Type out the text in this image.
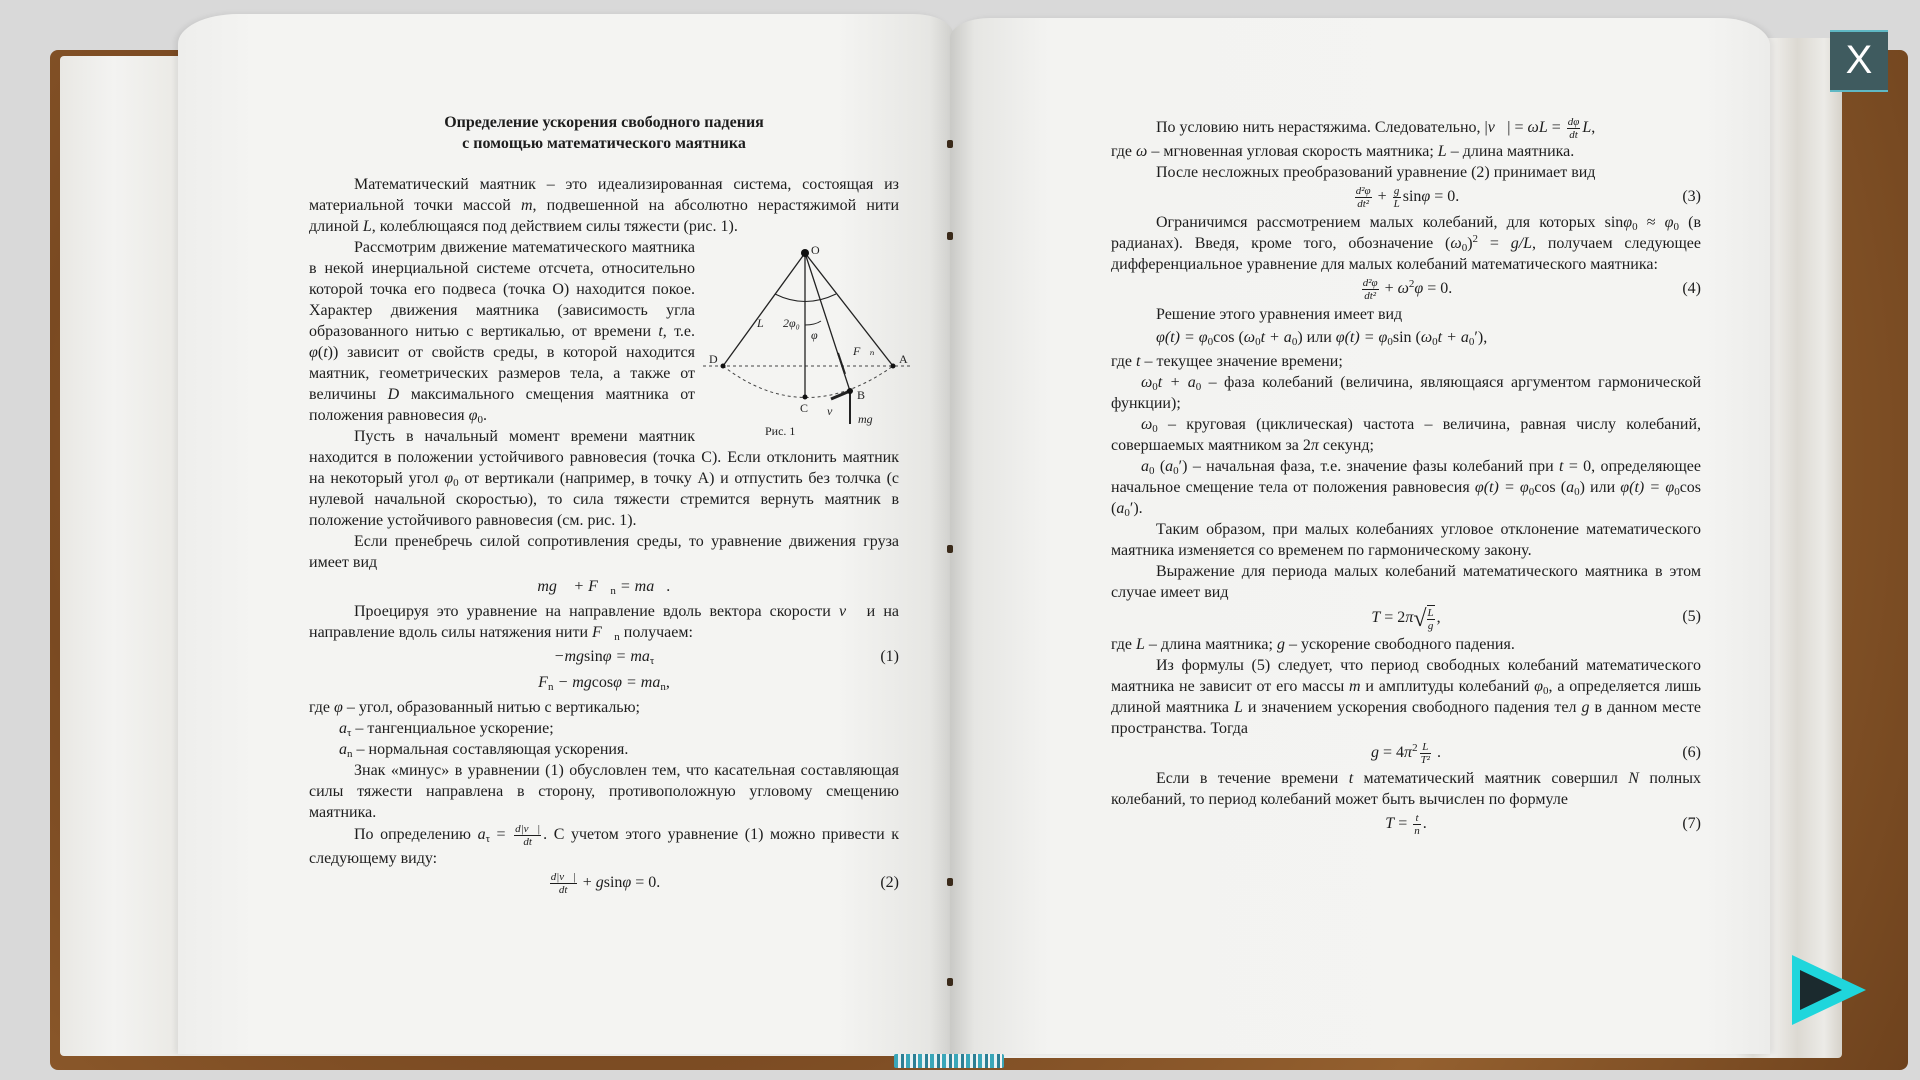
Определение ускорения свободного падения
с помощью математического маятника
Математический маятник – это идеализированная система, состоящая из материальной точки массой m, подвешенной на абсолютно нерастяжимой нити длиной L, колеблющаяся под действием силы тяжести (рис. 1).
O
L 2φ₀
φ
D	A
C
B
F⃗ₙ
v⃗
mg⃗
Рис. 1
Рассмотрим движение математического маятника в некой инерциальной системе отсчета, относительно которой точка его подвеса (точка О) находится покое. Характер движения маятника (зависимость угла образованного нитью с вертикалью, от времени t, т.е. φ(t)) зависит от свойств среды, в которой находится маятник, геометрических размеров тела, а также от величины D максимального смещения маятника от положения равновесия $\varphi_0$.
Пусть в начальный момент времени маятник находится в положении устойчивого равновесия (точка С). Если отклонить маятник на некоторый угол $\varphi_0$ от вертикали (например, в точку А) и отпустить без толчка (с нулевой начальной скоростью), то сила тяжести стремится вернуть маятник в положение устойчивого равновесия (см. рис. 1).
Если пренебречь силой сопротивления среды, то уравнение движения груза имеет вид
mg⃗ + $F⃗_n$ = ma⃗.
Проецируя это уравнение на направление вдоль вектора скорости v⃗ и на направление вдоль силы натяжения нити $F⃗_n$ получаем:
$-mgsin\varphi = ma_\tau$	(1)
$F_n - mgcos\varphi = ma_n$,
где φ – угол, образованный нитью с вертикалью;
$a_\tau$ – тангенциальное ускорение;
$a_n$ – нормальная составляющая ускорения.
Знак «минус» в уравнении (1) обусловлен тем, что касательная составляющая силы тяжести направлена в сторону, противоположную угловому смещению маятника.
По определению $a_\tau = \frac{d|v⃗|}{dt}$ . С учетом этого уравнение (1) можно привести к следующему виду:
$\frac{d|v⃗|}{dt} + gsin\varphi = 0$.	(2)
По условию нить нерастяжима. Следовательно, |v⃗| = $\omega L = \frac{d\varphi}{dt} L$,
где ω – мгновенная угловая скорость маятника; L – длина маятника.
После несложных преобразований уравнение (2) принимает вид
$\frac{\text{d²φ}}{\text{dt²}} + \frac{g}{L}$ sinφ = 0.	(3)
Ограничимся рассмотрением малых колебаний, для которых $\sin\varphi_0 \approx \varphi_0$ (в радианах). Введя, кроме того, обозначение $(\omega_0)^2 = g/L$, получаем следующее дифференциальное уравнение для малых колебаний математического маятника:
$\frac{\text{d²φ}}{\text{dt²}} + \omega^2\varphi = 0$.	(4)
Решение этого уравнения имеет вид
$\varphi(t) = \varphi_0\cos$ $(\omega_0t + a_0)$ или $\varphi(t) = \varphi_0\sin$ $(\omega_0t + a_0')$,
где t – текущее значение времени;
$\omega_0t + a_0$ – фаза колебаний (величина, являющаяся аргументом гармонической функции);
$\omega_0$ – круговая (циклическая) частота – величина, равная числу колебаний, совершаемых маятником за 2π секунд;
$a_0$ $(a_0')$ – начальная фаза, т.е. значение фазы колебаний при t = 0, определяющее начальное смещение тела от положения равновесия $\varphi(t) = \varphi_0\cos$ $(a_0)$ или $\varphi(t) = \varphi_0\cos$ $(a_0')$.
Таким образом, при малых колебаниях угловое отклонение математического маятника изменяется со временем по гармоническому закону.
Выражение для периода малых колебаний математического маятника в этом случае имеет вид
T = 2π √ $\frac{L}{g}$ ,	(5)
где L – длина маятника; g – ускорение свободного падения.
Из формулы (5) следует, что период свободных колебаний математического маятника не зависит от его массы m и амплитуды колебаний $\varphi_0$, а определяется лишь длиной маятника L и значением ускорения свободного падения тел g в данном месте пространства. Тогда
$g = 4\pi^2 \frac{L}{\text{T²}}$ .	(6)
Если в течение времени t математический маятник совершил N полных колебаний, то период колебаний может быть вычислен по формуле
$T = \frac{t}{n}$ .	(7)
X
